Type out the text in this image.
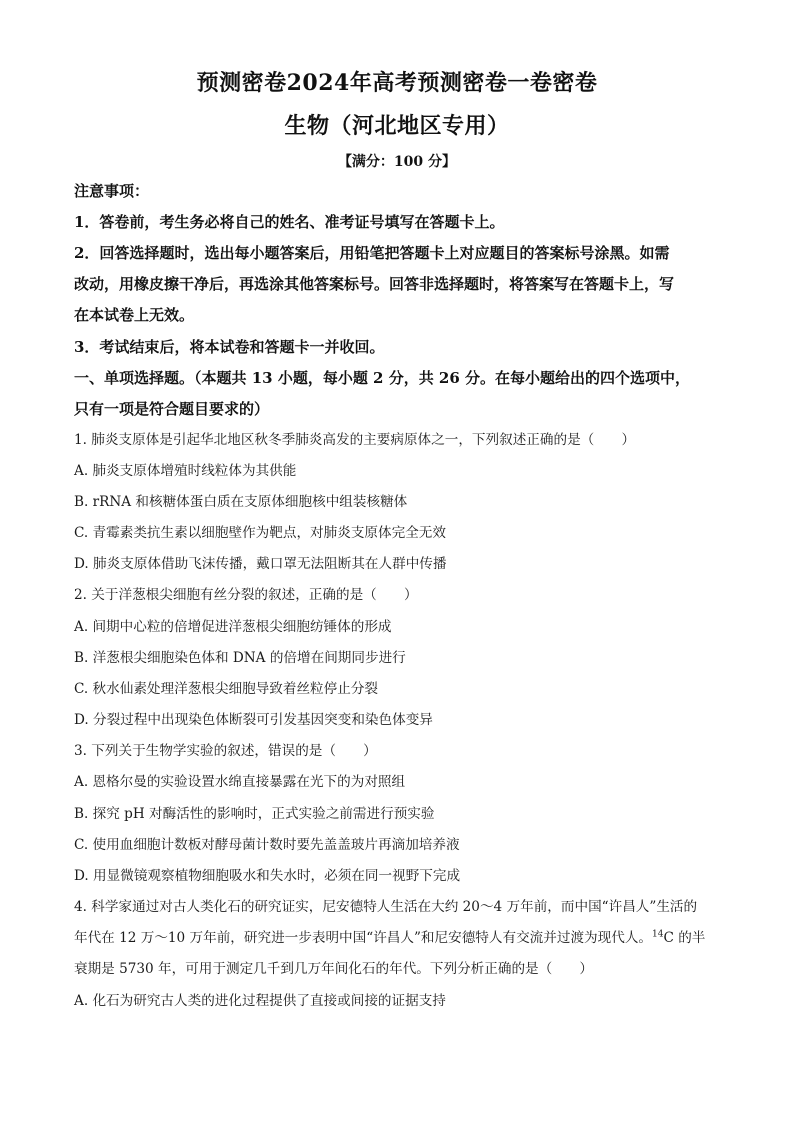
预测密卷2024年高考预测密卷一卷密卷
生物（河北地区专用）
【满分：100 分】
注意事项：
1．答卷前，考生务必将自己的姓名、准考证号填写在答题卡上。
2．回答选择题时，选出每小题答案后，用铅笔把答题卡上对应题目的答案标号涂黑。如需
改动，用橡皮擦干净后，再选涂其他答案标号。回答非选择题时，将答案写在答题卡上，写
在本试卷上无效。
3．考试结束后，将本试卷和答题卡一并收回。
一、单项选择题。（本题共 13 小题，每小题 2 分，共 26 分。在每小题给出的四个选项中，
只有一项是符合题目要求的）
1. 肺炎支原体是引起华北地区秋冬季肺炎高发的主要病原体之一，下列叙述正确的是（　　）
A. 肺炎支原体增殖时线粒体为其供能
B. rRNA 和核糖体蛋白质在支原体细胞核中组装核糖体
C. 青霉素类抗生素以细胞壁作为靶点，对肺炎支原体完全无效
D. 肺炎支原体借助飞沫传播，戴口罩无法阻断其在人群中传播
2. 关于洋葱根尖细胞有丝分裂的叙述，正确的是（　　）
A. 间期中心粒的倍增促进洋葱根尖细胞纺锤体的形成
B. 洋葱根尖细胞染色体和 DNA 的倍增在间期同步进行
C. 秋水仙素处理洋葱根尖细胞导致着丝粒停止分裂
D. 分裂过程中出现染色体断裂可引发基因突变和染色体变异
3. 下列关于生物学实验的叙述，错误的是（　　）
A. 恩格尔曼的实验设置水绵直接暴露在光下的为对照组
B. 探究 pH 对酶活性的影响时，正式实验之前需进行预实验
C. 使用血细胞计数板对酵母菌计数时要先盖盖玻片再滴加培养液
D. 用显微镜观察植物细胞吸水和失水时，必须在同一视野下完成
4. 科学家通过对古人类化石的研究证实，尼安德特人生活在大约 20～4 万年前，而中国“许昌人”生活的
年代在 12 万～10 万年前，研究进一步表明中国“许昌人”和尼安德特人有交流并过渡为现代人。$^{14}$C 的半
衰期是 5730 年，可用于测定几千到几万年间化石的年代。下列分析正确的是（　　）
A. 化石为研究古人类的进化过程提供了直接或间接的证据支持
